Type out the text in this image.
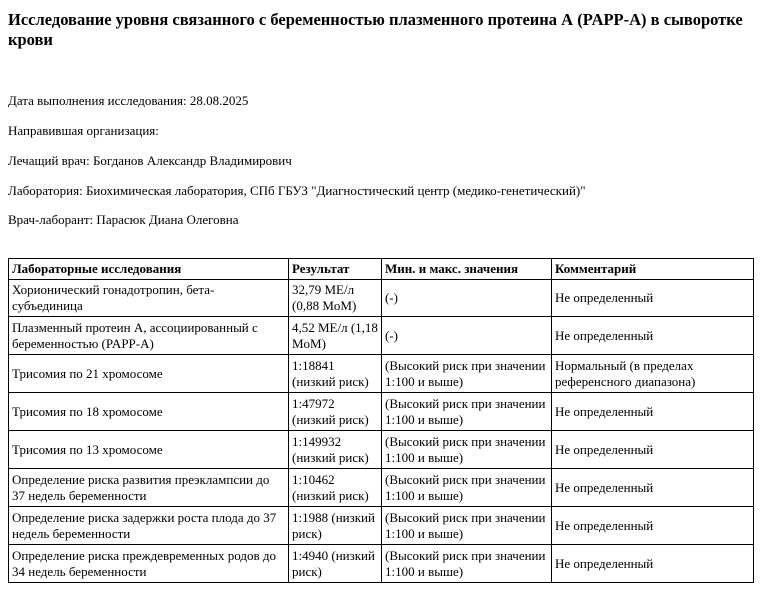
Исследование уровня связанного с беременностью плазменного протеина А (PAPP-A) в сыворотке крови

Дата выполнения исследования: 28.08.2025

Направившая организация:

Лечащий врач: Богданов Александр Владимирович

Лаборатория: Биохимическая лаборатория, СПб ГБУЗ "Диагностический центр (медико-генетический)"

Врач-лаборант: Парасюк Диана Олеговна

Лабораторные исследования	Результат	Мин. и макс. значения	Комментарий
Хорионический гонадотропин, бета-субъединица	32,79 МЕ/л (0,88 MoM)	(-)	Не определенный
Плазменный протеин А, ассоциированный с беременностью (PAPP-A)	4,52 МЕ/л (1,18 MoM)	(-)	Не определенный
Трисомия по 21 хромосоме	1:18841 (низкий риск)	(Высокий риск при значении 1:100 и выше)	Нормальный (в пределах референсного диапазона)
Трисомия по 18 хромосоме	1:47972 (низкий риск)	(Высокий риск при значении 1:100 и выше)	Не определенный
Трисомия по 13 хромосоме	1:149932 (низкий риск)	(Высокий риск при значении 1:100 и выше)	Не определенный
Определение риска развития преэклампсии до 37 недель беременности	1:10462 (низкий риск)	(Высокий риск при значении 1:100 и выше)	Не определенный
Определение риска задержки роста плода до 37 недель беременности	1:1988 (низкий риск)	(Высокий риск при значении 1:100 и выше)	Не определенный
Определение риска преждевременных родов до 34 недель беременности	1:4940 (низкий риск)	(Высокий риск при значении 1:100 и выше)	Не определенный
